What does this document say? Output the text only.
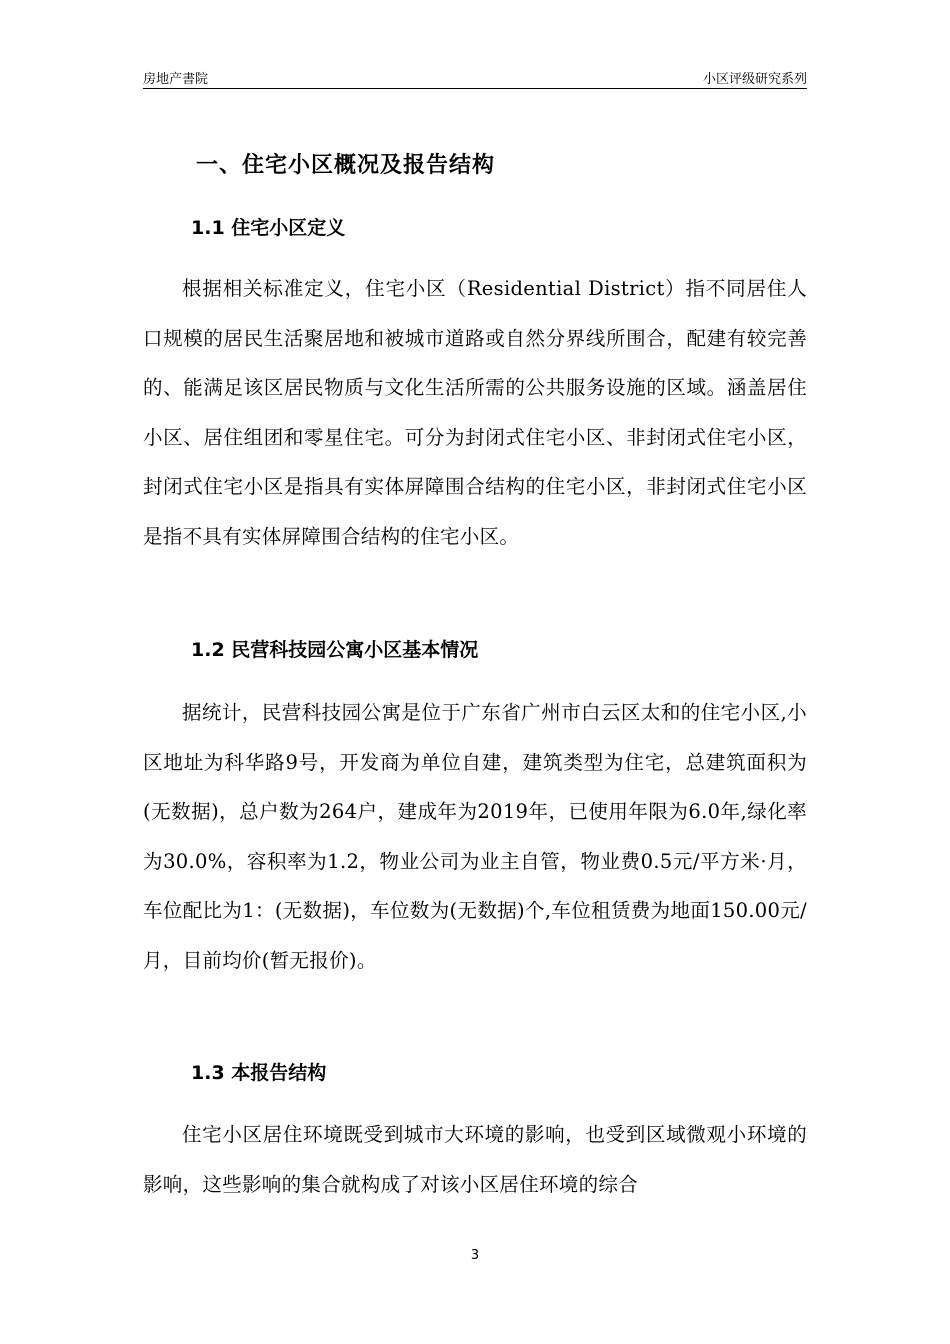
房地产書院	小区评级研究系列
一、住宅小区概况及报告结构
1.1 住宅小区定义

根据相关标准定义，住宅小区（Residential District）指不同居住人口规模的居民生活聚居地和被城市道路或自然分界线所围合，配建有较完善的、能满足该区居民物质与文化生活所需的公共服务设施的区域。涵盖居住小区、居住组团和零星住宅。可分为封闭式住宅小区、非封闭式住宅小区，封闭式住宅小区是指具有实体屏障围合结构的住宅小区，非封闭式住宅小区是指不具有实体屏障围合结构的住宅小区。

1.2 民营科技园公寓小区基本情况

据统计，民营科技园公寓是位于广东省广州市白云区太和的住宅小区,小区地址为科华路9号，开发商为单位自建，建筑类型为住宅，总建筑面积为(无数据)，总户数为264户，建成年为2019年，已使用年限为6.0年,绿化率为30.0%，容积率为1.2，物业公司为业主自管，物业费0.5元/平方米·月，车位配比为1：(无数据)，车位数为(无数据)个,车位租赁费为地面150.00元/月，目前均价(暂无报价)。

1.3 本报告结构

住宅小区居住环境既受到城市大环境的影响，也受到区域微观小环境的影响，这些影响的集合就构成了对该小区居住环境的综合

3
